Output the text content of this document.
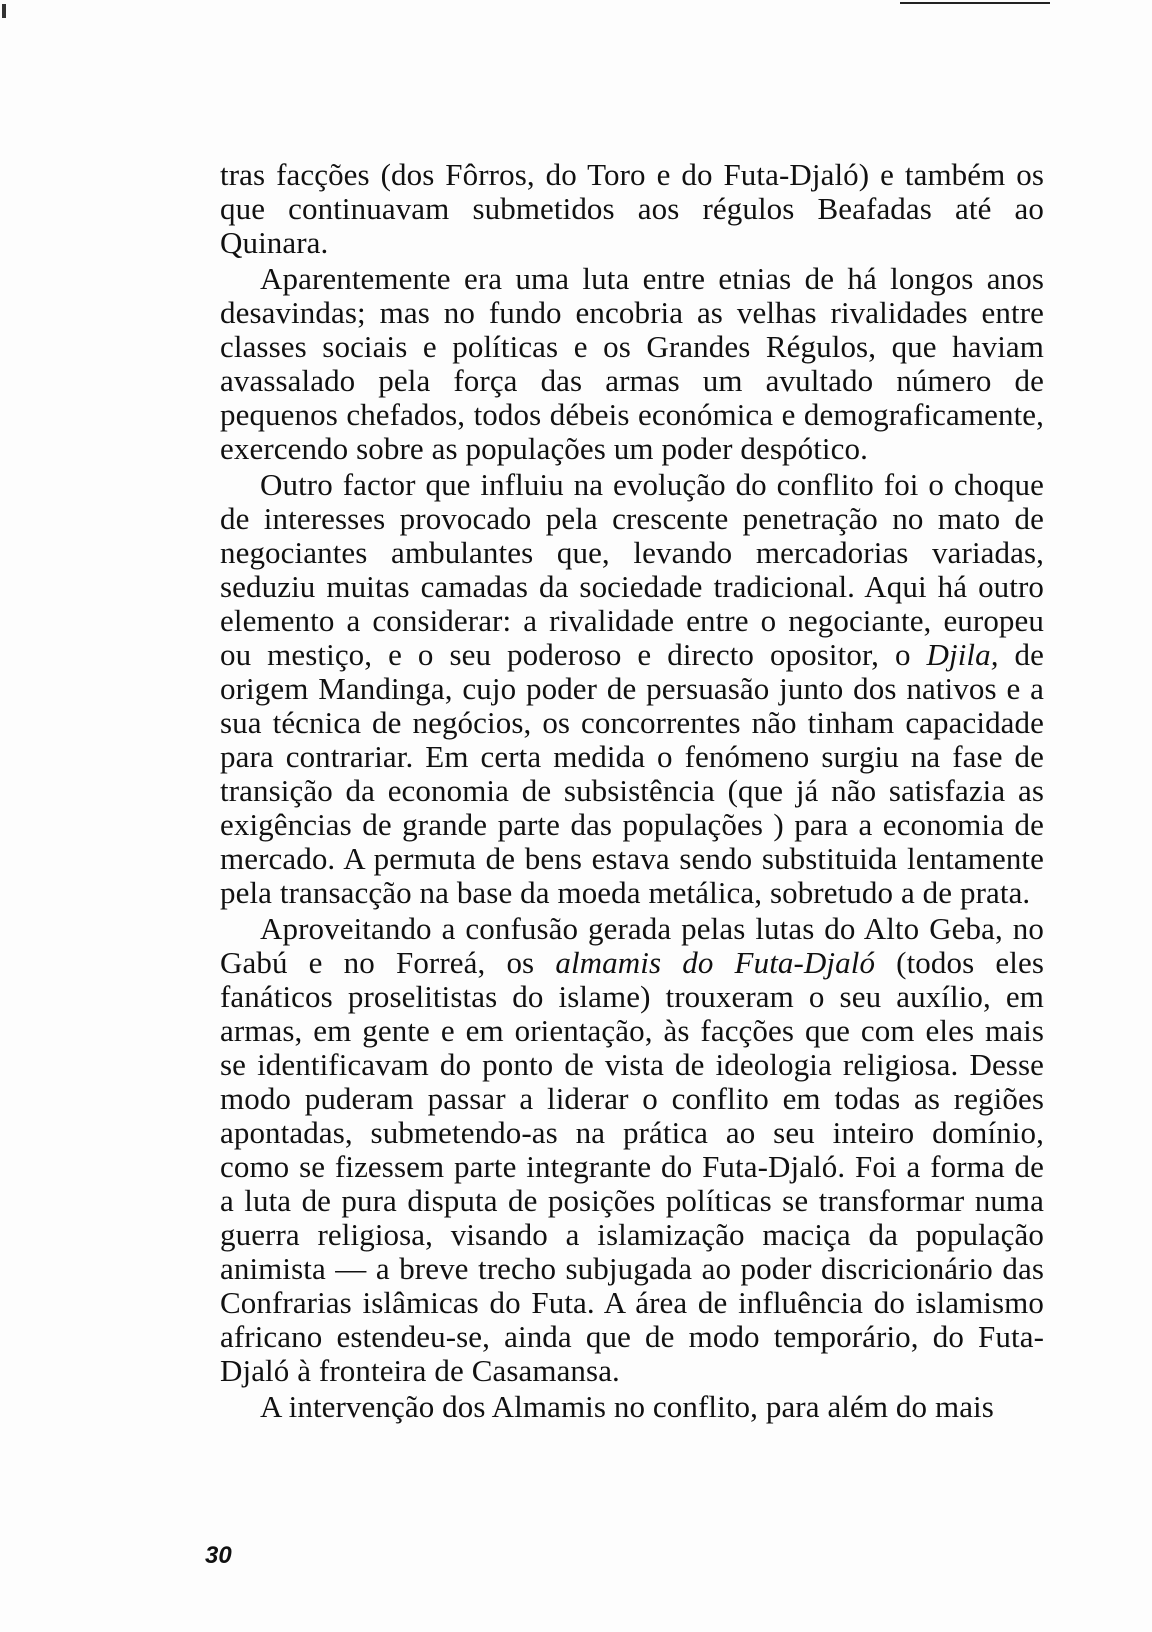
tras facções (dos Fôrros, do Toro e do Futa-Djaló) e também os que continuavam submetidos aos régulos Beafadas até ao Quinara.

Aparentemente era uma luta entre etnias de há longos anos desavindas; mas no fundo encobria as velhas rivalidades entre classes sociais e políticas e os Grandes Régulos, que haviam avassalado pela força das armas um avultado número de pequenos chefados, todos débeis económica e demograficamente, exercendo sobre as populações um poder despótico.

Outro factor que influiu na evolução do conflito foi o choque de interesses provocado pela crescente penetração no mato de negociantes ambulantes que, levando mercadorias variadas, seduziu muitas camadas da sociedade tradicional. Aqui há outro elemento a considerar: a rivalidade entre o negociante, europeu ou mestiço, e o seu poderoso e directo opositor, o Djila, de origem Mandinga, cujo poder de persuasão junto dos nativos e a sua técnica de negócios, os concorrentes não tinham capacidade para contrariar. Em certa medida o fenómeno surgiu na fase de transição da economia de subsistência (que já não satisfazia as exigências de grande parte das populações ) para a economia de mercado. A permuta de bens estava sendo substituida lentamente pela transacção na base da moeda metálica, sobretudo a de prata.

Aproveitando a confusão gerada pelas lutas do Alto Geba, no Gabú e no Forreá, os almamis do Futa-Djaló (todos eles fanáticos proselitistas do islame) trouxeram o seu auxílio, em armas, em gente e em orientação, às facções que com eles mais se identificavam do ponto de vista de ideologia religiosa. Desse modo puderam passar a liderar o conflito em todas as regiões apontadas, submetendo-as na prática ao seu inteiro domínio, como se fizessem parte integrante do Futa-Djaló. Foi a forma de a luta de pura disputa de posições políticas se transformar numa guerra religiosa, visando a islamização maciça da população animista — a breve trecho subjugada ao poder discricionário das Confrarias islâmicas do Futa. A área de influência do islamismo africano estendeu-se, ainda que de modo temporário, do Futa-Djaló à fronteira de Casamansa.

A intervenção dos Almamis no conflito, para além do mais

30
